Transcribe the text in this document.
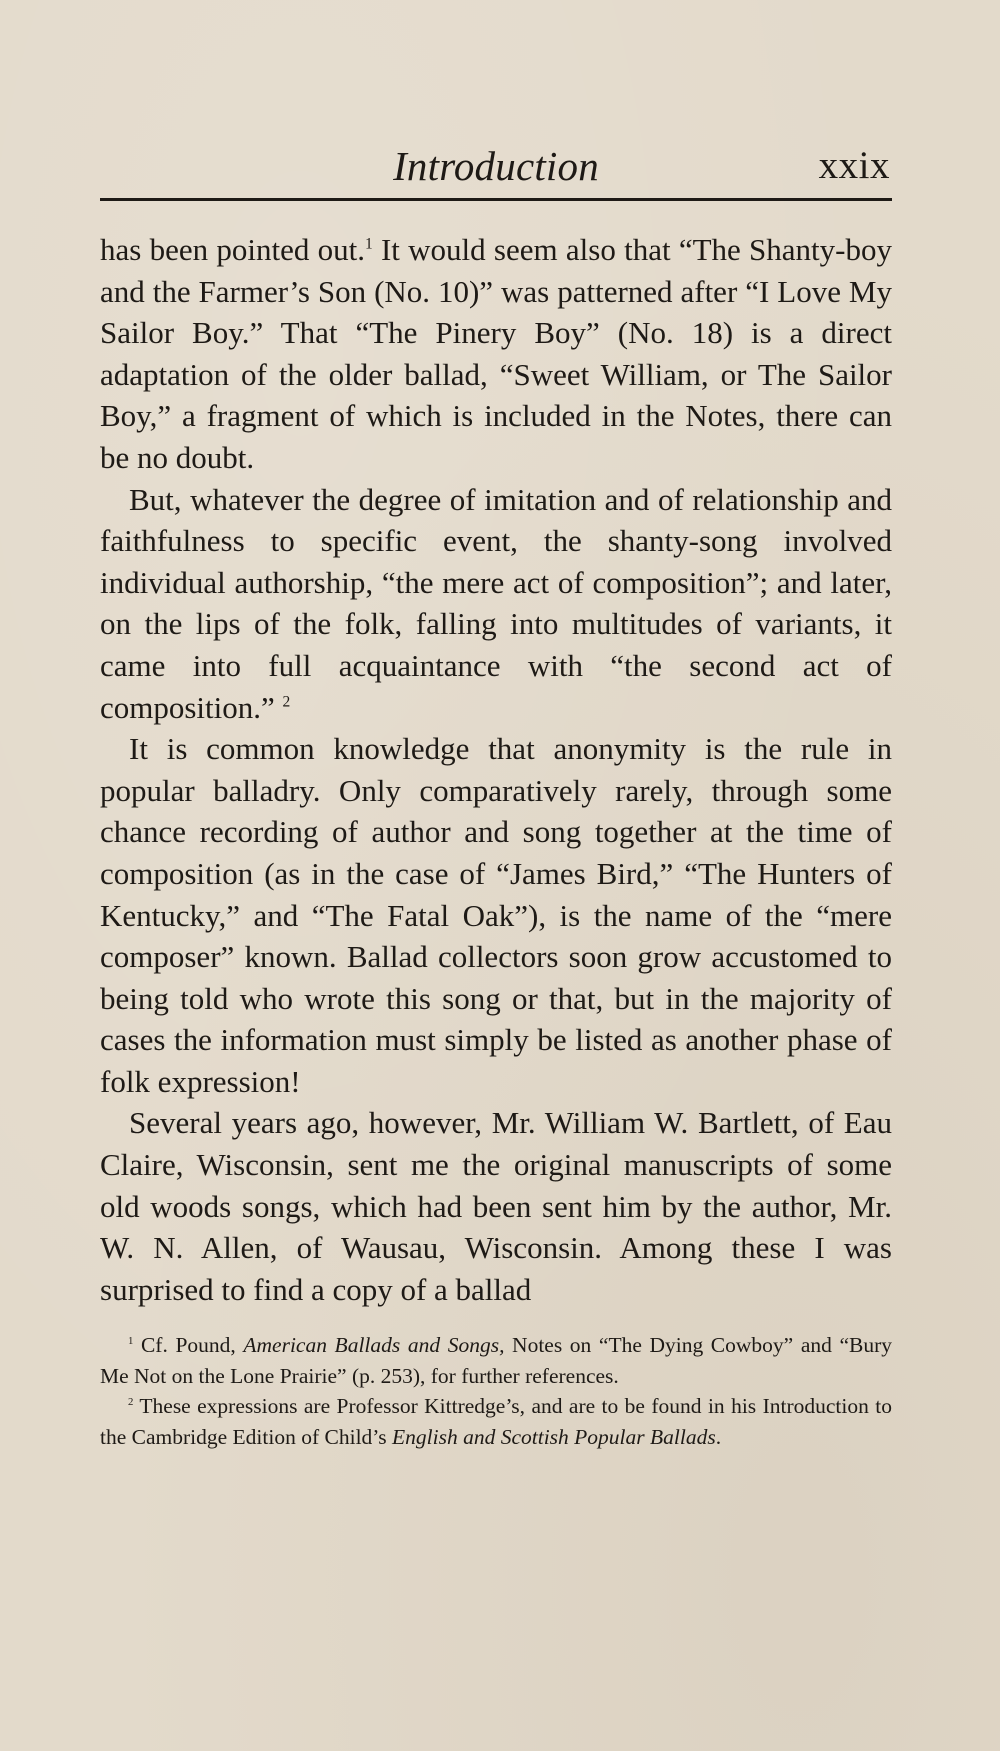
Introduction	xxix

has been pointed out.$^1$ It would seem also that “The Shanty-boy and the Farmer’s Son (No. 10)” was patterned after “I Love My Sailor Boy.” That “The Pinery Boy” (No. 18) is a direct adaptation of the older ballad, “Sweet William, or The Sailor Boy,” a fragment of which is included in the Notes, there can be no doubt.

But, whatever the degree of imitation and of relationship and faithfulness to specific event, the shanty-song involved individual authorship, “the mere act of composition”; and later, on the lips of the folk, falling into multitudes of variants, it came into full acquaintance with “the second act of composition.” $^2$

It is common knowledge that anonymity is the rule in popular balladry. Only comparatively rarely, through some chance recording of author and song together at the time of composition (as in the case of “James Bird,” “The Hunters of Kentucky,” and “The Fatal Oak”), is the name of the “mere composer” known. Ballad collectors soon grow accustomed to being told who wrote this song or that, but in the majority of cases the information must simply be listed as another phase of folk expression!

Several years ago, however, Mr. William W. Bartlett, of Eau Claire, Wisconsin, sent me the original manuscripts of some old woods songs, which had been sent him by the author, Mr. W. N. Allen, of Wausau, Wisconsin. Among these I was surprised to find a copy of a ballad

$^1$ Cf. Pound, American Ballads and Songs, Notes on “The Dying Cowboy” and “Bury Me Not on the Lone Prairie” (p. 253), for further references.

$^2$ These expressions are Professor Kittredge’s, and are to be found in his Introduction to the Cambridge Edition of Child’s English and Scottish Popular Ballads.
